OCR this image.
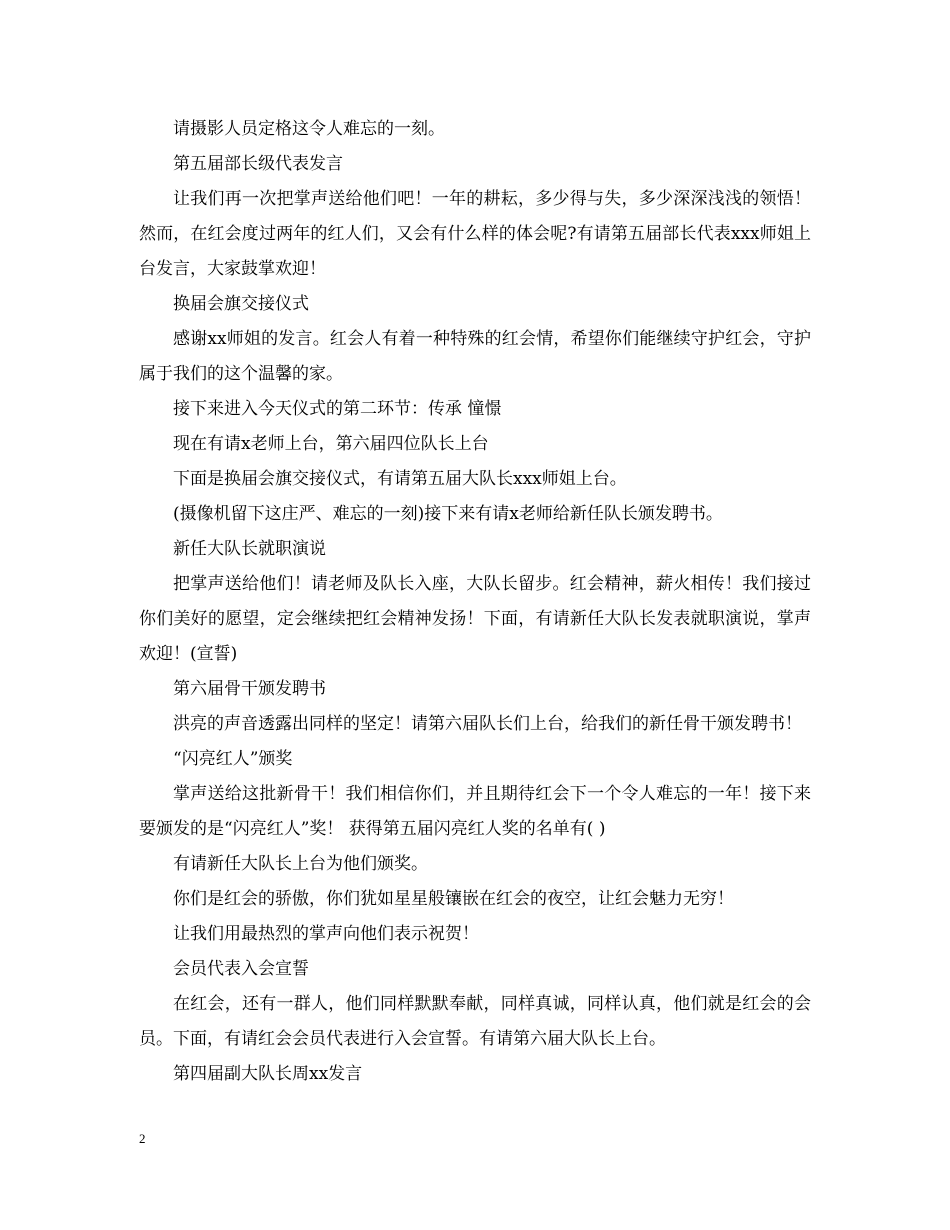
请摄影人员定格这令人难忘的一刻。

第五届部长级代表发言

让我们再一次把掌声送给他们吧！一年的耕耘，多少得与失，多少深深浅浅的领悟！然而，在红会度过两年的红人们，又会有什么样的体会呢?有请第五届部长代表xxx师姐上台发言，大家鼓掌欢迎！

换届会旗交接仪式

感谢xx师姐的发言。红会人有着一种特殊的红会情，希望你们能继续守护红会，守护属于我们的这个温馨的家。

接下来进入今天仪式的第二环节：传承 憧憬

现在有请x老师上台，第六届四位队长上台

下面是换届会旗交接仪式，有请第五届大队长xxx师姐上台。

(摄像机留下这庄严、难忘的一刻)接下来有请x老师给新任队长颁发聘书。

新任大队长就职演说

把掌声送给他们！请老师及队长入座，大队长留步。红会精神，薪火相传！我们接过你们美好的愿望，定会继续把红会精神发扬！下面，有请新任大队长发表就职演说，掌声欢迎！(宣誓)

第六届骨干颁发聘书

洪亮的声音透露出同样的坚定！请第六届队长们上台，给我们的新任骨干颁发聘书！

“闪亮红人”颁奖

掌声送给这批新骨干！我们相信你们，并且期待红会下一个令人难忘的一年！接下来要颁发的是“闪亮红人”奖！ 获得第五届闪亮红人奖的名单有( )

有请新任大队长上台为他们颁奖。

你们是红会的骄傲，你们犹如星星般镶嵌在红会的夜空，让红会魅力无穷！

让我们用最热烈的掌声向他们表示祝贺！

会员代表入会宣誓

在红会，还有一群人，他们同样默默奉献，同样真诚，同样认真，他们就是红会的会员。下面，有请红会会员代表进行入会宣誓。有请第六届大队长上台。

第四届副大队长周xx发言

2
